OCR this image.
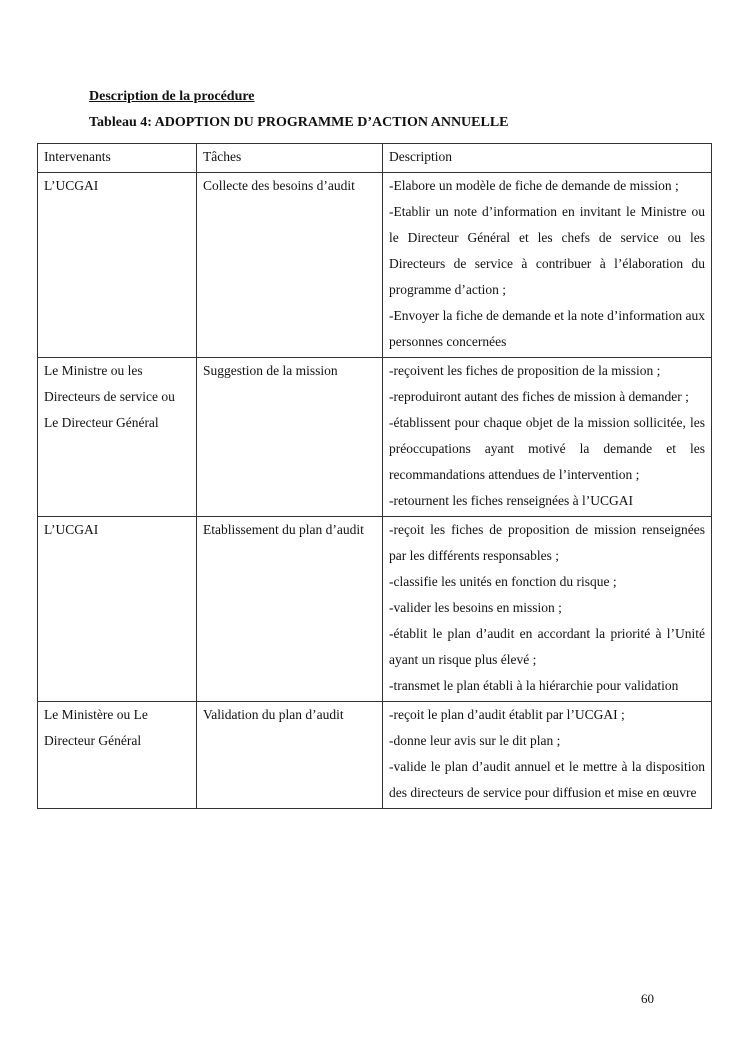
Description de la procédure
Tableau 4: ADOPTION DU PROGRAMME D’ACTION ANNUELLE
Intervenants	Tâches	Description
L’UCGAI	Collecte des besoins d’audit	-Elabore un modèle de fiche de demande de mission ;
-Etablir un note d’information en invitant le Ministre ou le Directeur Général et les chefs de service ou les Directeurs de service à contribuer à l’élaboration du programme d’action ;
-Envoyer la fiche de demande et la note d’information aux personnes concernées

Le Ministre ou les Directeurs de service ou Le Directeur Général	Suggestion de la mission	-reçoivent les fiches de proposition de la mission ;
-reproduiront autant des fiches de mission à demander ;
-établissent pour chaque objet de la mission sollicitée, les préoccupations ayant motivé la demande et les recommandations attendues de l’intervention ;
-retournent les fiches renseignées à l’UCGAI

L’UCGAI	Etablissement du plan d’audit	-reçoit les fiches de proposition de mission renseignées par les différents responsables ;
-classifie les unités en fonction du risque ;
-valider les besoins en mission ;
-établit le plan d’audit en accordant la priorité à l’Unité ayant un risque plus élevé ;
-transmet le plan établi à la hiérarchie pour validation

Le Ministère ou Le Directeur Général	Validation du plan d’audit	-reçoit le plan d’audit établit par l’UCGAI ;
-donne leur avis sur le dit plan ;
-valide le plan d’audit annuel et le mettre à la disposition des directeurs de service pour diffusion et mise en œuvre
60
